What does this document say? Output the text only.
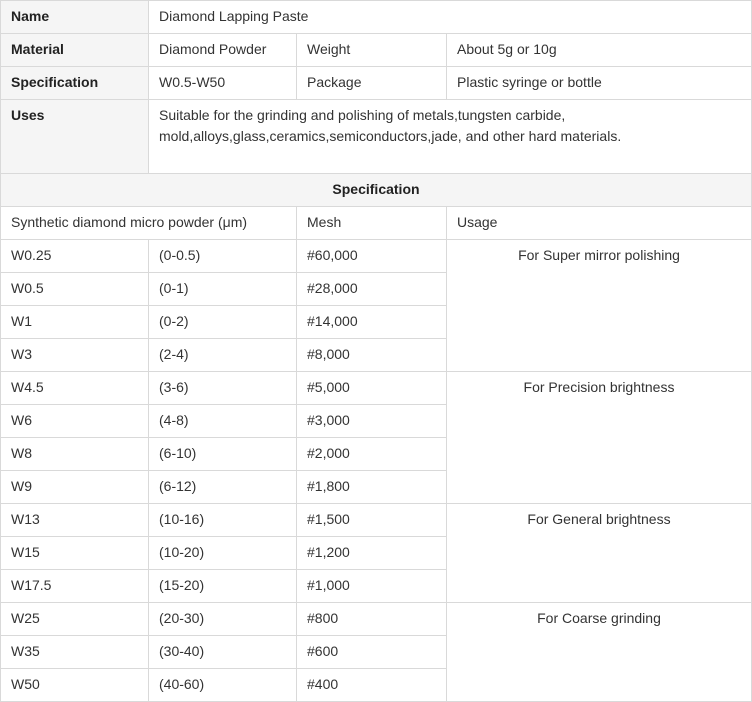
Name	Diamond Lapping Paste		
Material	Diamond Powder	Weight	About 5g or 10g
Specification	W0.5-W50	Package	Plastic syringe or bottle
Uses	Suitable for the grinding and polishing of metals,tungsten carbide, mold,alloys,glass,ceramics,semiconductors,jade, and other hard materials.		
Specification			
Synthetic diamond micro powder (μm)		Mesh	Usage
W0.25	(0-0.5)	#60,000	For Super mirror polishing
W0.5	(0-1)	#28,000	
W1	(0-2)	#14,000	
W3	(2-4)	#8,000	
W4.5	(3-6)	#5,000	For Precision brightness
W6	(4-8)	#3,000	
W8	(6-10)	#2,000	
W9	(6-12)	#1,800	
W13	(10-16)	#1,500	For General brightness
W15	(10-20)	#1,200	
W17.5	(15-20)	#1,000	
W25	(20-30)	#800	For Coarse grinding
W35	(30-40)	#600	
W50	(40-60)	#400	
